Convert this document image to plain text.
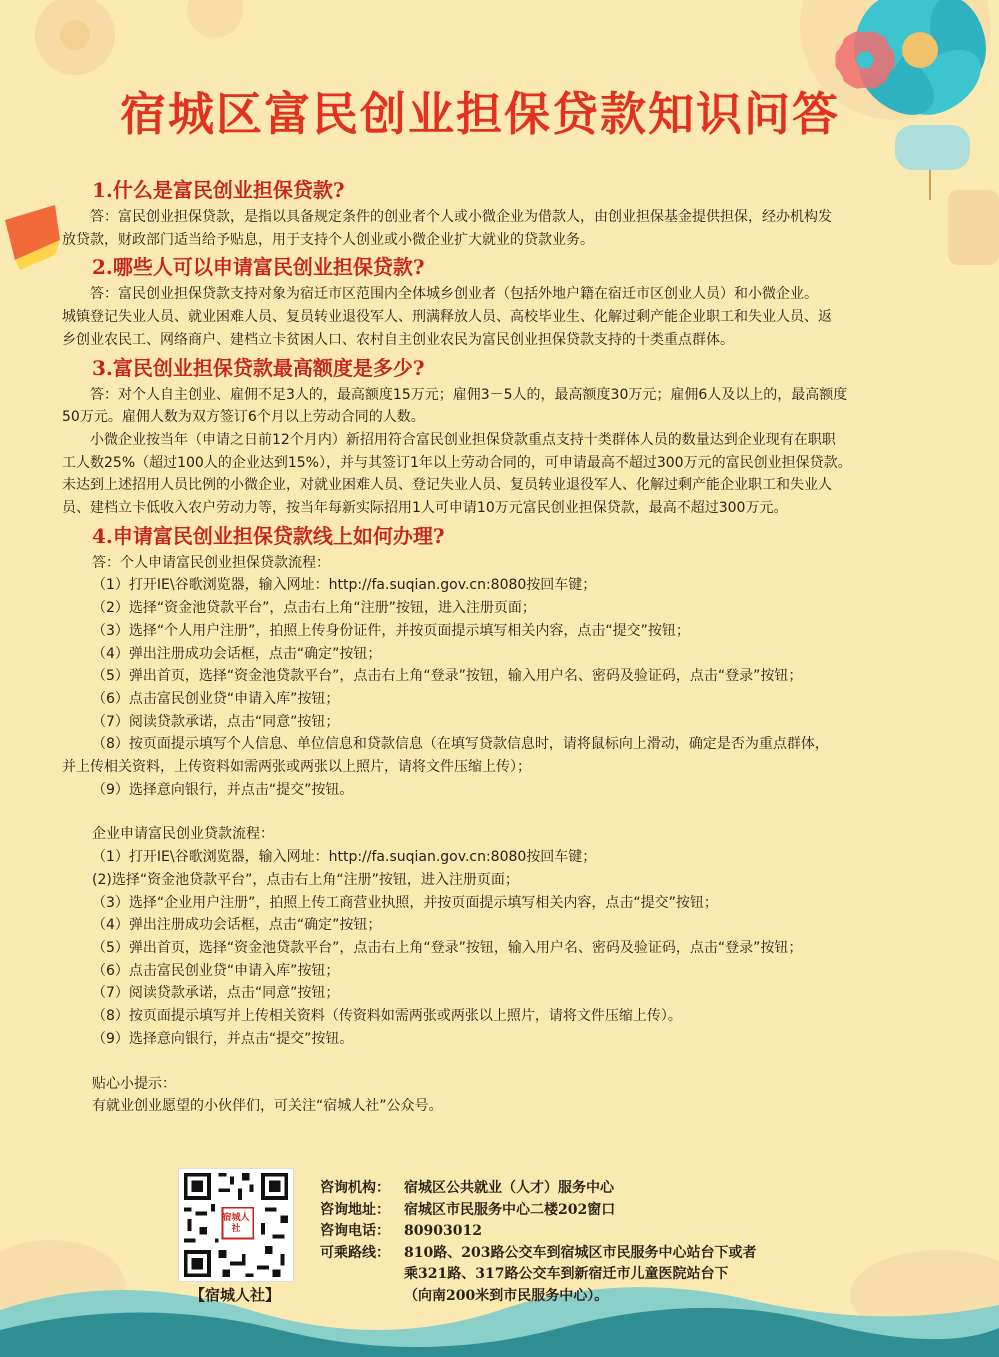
宿城区富民创业担保贷款知识问答
1.什么是富民创业担保贷款?

答：富民创业担保贷款，是指以具备规定条件的创业者个人或小微企业为借款人，由创业担保基金提供担保，经办机构发

放贷款，财政部门适当给予贴息，用于支持个人创业或小微企业扩大就业的贷款业务。

2.哪些人可以申请富民创业担保贷款?

答：富民创业担保贷款支持对象为宿迁市区范围内全体城乡创业者（包括外地户籍在宿迁市区创业人员）和小微企业。

城镇登记失业人员、就业困难人员、复员转业退役军人、刑满释放人员、高校毕业生、化解过剩产能企业职工和失业人员、返

乡创业农民工、网络商户、建档立卡贫困人口、农村自主创业农民为富民创业担保贷款支持的十类重点群体。

3.富民创业担保贷款最高额度是多少?

答：对个人自主创业、雇佣不足3人的，最高额度15万元；雇佣3－5人的，最高额度30万元；雇佣6人及以上的，最高额度

50万元。雇佣人数为双方签订6个月以上劳动合同的人数。

小微企业按当年（申请之日前12个月内）新招用符合富民创业担保贷款重点支持十类群体人员的数量达到企业现有在职职

工人数25%（超过100人的企业达到15%），并与其签订1年以上劳动合同的，可申请最高不超过300万元的富民创业担保贷款。

未达到上述招用人员比例的小微企业，对就业困难人员、登记失业人员、复员转业退役军人、化解过剩产能企业职工和失业人

员、建档立卡低收入农户劳动力等，按当年每新实际招用1人可申请10万元富民创业担保贷款，最高不超过300万元。

4.申请富民创业担保贷款线上如何办理?

答：个人申请富民创业担保贷款流程：

（1）打开IE\谷歌浏览器，输入网址：http://fa.suqian.gov.cn:8080按回车键；

（2）选择“资金池贷款平台”，点击右上角“注册”按钮，进入注册页面；

（3）选择“个人用户注册”，拍照上传身份证件，并按页面提示填写相关内容，点击“提交”按钮；

（4）弹出注册成功会话框，点击“确定”按钮；

（5）弹出首页，选择“资金池贷款平台”，点击右上角“登录”按钮，输入用户名、密码及验证码，点击“登录”按钮；

（6）点击富民创业贷“申请入库”按钮；

（7）阅读贷款承诺，点击“同意”按钮；

（8）按页面提示填写个人信息、单位信息和贷款信息（在填写贷款信息时，请将鼠标向上滑动，确定是否为重点群体，

并上传相关资料，上传资料如需两张或两张以上照片，请将文件压缩上传）；

（9）选择意向银行，并点击“提交”按钮。

企业申请富民创业贷款流程：

（1）打开IE\谷歌浏览器，输入网址：http://fa.suqian.gov.cn:8080按回车键；

(2)选择“资金池贷款平台”，点击右上角“注册”按钮，进入注册页面；

（3）选择“企业用户注册”，拍照上传工商营业执照，并按页面提示填写相关内容，点击“提交”按钮；

（4）弹出注册成功会话框，点击“确定”按钮；

（5）弹出首页，选择“资金池贷款平台”，点击右上角“登录”按钮，输入用户名、密码及验证码，点击“登录”按钮；

（6）点击富民创业贷“申请入库”按钮；

（7）阅读贷款承诺，点击“同意”按钮；

（8）按页面提示填写并上传相关资料（传资料如需两张或两张以上照片，请将文件压缩上传）。

（9）选择意向银行，并点击“提交”按钮。

贴心小提示：

有就业创业愿望的小伙伴们，可关注“宿城人社”公众号。

宿城人社
【宿城人社】
咨询机构： 宿城区公共就业（人才）服务中心
咨询地址： 宿城区市民服务中心二楼202窗口
咨询电话： 80903012
可乘路线： 810路、203路公交车到宿城区市民服务中心站台下或者
乘321路、317路公交车到新宿迁市儿童医院站台下
（向南200米到市民服务中心）。
